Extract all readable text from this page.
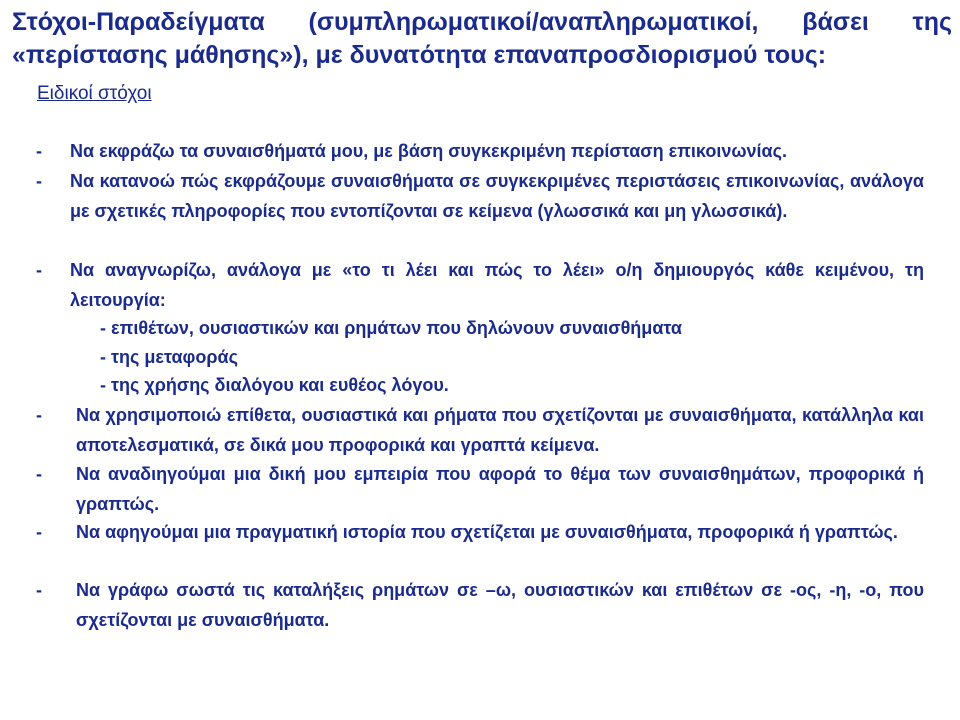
Στόχοι-Παραδείγματα (συμπληρωματικοί/αναπληρωματικοί, βάσει της «περίστασης μάθησης»), με δυνατότητα επαναπροσδιορισμού τους:
Ειδικοί στόχοι
-	Να εκφράζω τα συναισθήματά μου, με βάση συγκεκριμένη περίσταση επικοινωνίας.
-	Να κατανοώ πώς εκφράζουμε συναισθήματα σε συγκεκριμένες περιστάσεις επικοινωνίας, ανάλογα με σχετικές πληροφορίες που εντοπίζονται σε κείμενα (γλωσσικά και μη γλωσσικά).
-	Να αναγνωρίζω, ανάλογα με «το τι λέει και πώς το λέει» ο/η δημιουργός κάθε κειμένου, τη λειτουργία:
- επιθέτων, ουσιαστικών και ρημάτων που δηλώνουν συναισθήματα
- της μεταφοράς
- της χρήσης διαλόγου και ευθέος λόγου.
-	Να χρησιμοποιώ επίθετα, ουσιαστικά και ρήματα που σχετίζονται με συναισθήματα, κατάλληλα και αποτελεσματικά, σε δικά μου προφορικά και γραπτά κείμενα.
-	Να αναδιηγούμαι μια δική μου εμπειρία που αφορά το θέμα των συναισθημάτων, προφορικά ή γραπτώς.
-	Να αφηγούμαι μια πραγματική ιστορία που σχετίζεται με συναισθήματα, προφορικά ή γραπτώς.
-	Να γράφω σωστά τις καταλήξεις ρημάτων σε –ω, ουσιαστικών και επιθέτων σε -ος, -η, -ο, που σχετίζονται με συναισθήματα.
